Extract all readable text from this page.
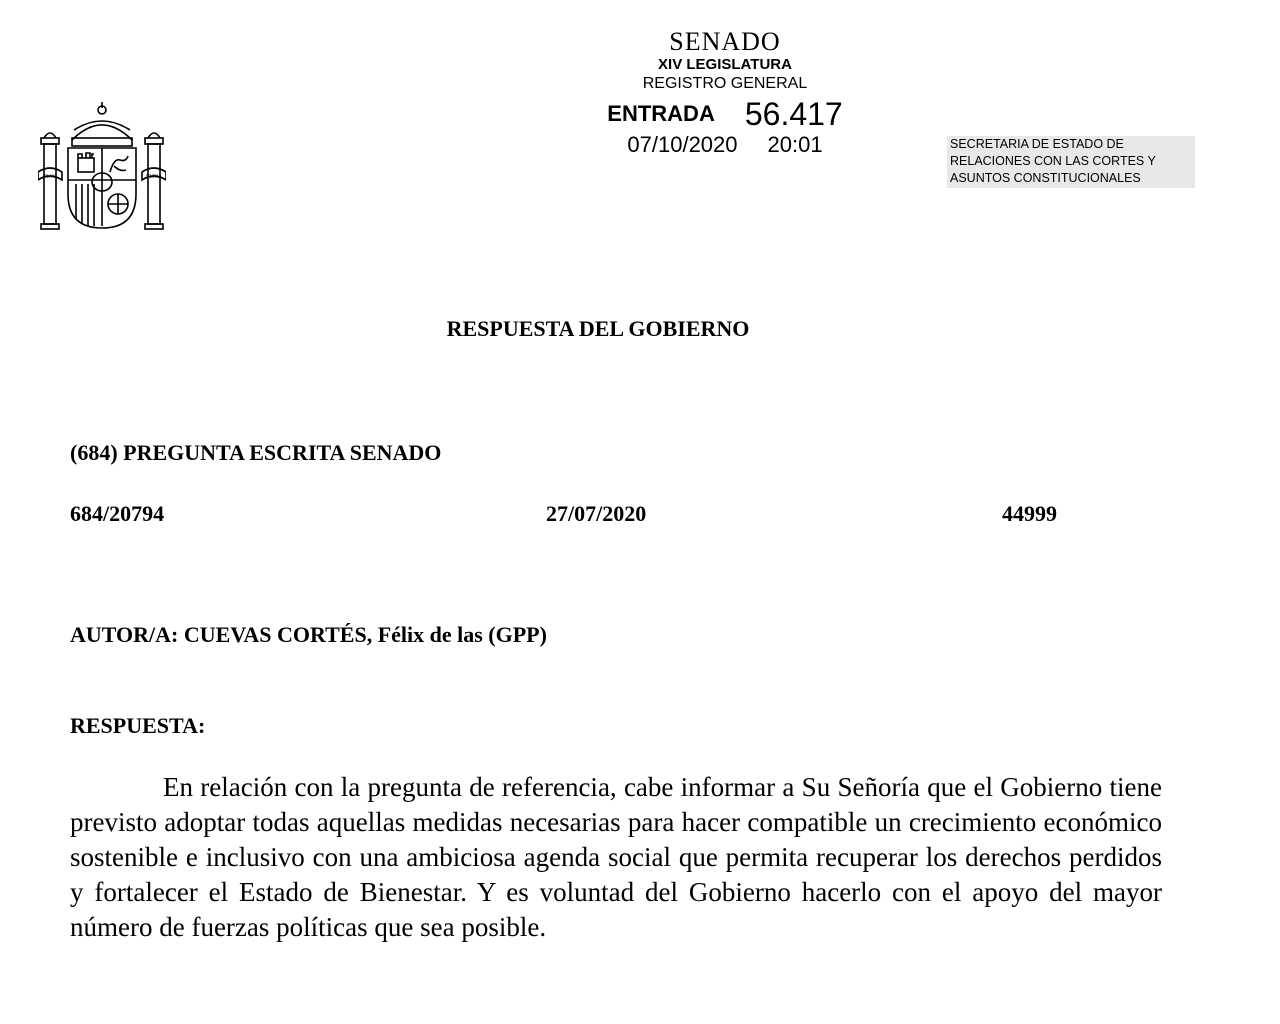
PLVS	VLTRA
SENADO
XIV LEGISLATURA
REGISTRO GENERAL
ENTRADA 56.417
07/10/2020 20:01	SECRETARIA DE ESTADO DE
RELACIONES CON LAS CORTES Y
ASUNTOS CONSTITUCIONALES
RESPUESTA DEL GOBIERNO
(684) PREGUNTA ESCRITA SENADO
684/20794	27/07/2020	44999
AUTOR/A: CUEVAS CORTÉS, Félix de las (GPP)
RESPUESTA:

En relación con la pregunta de referencia, cabe informar a Su Señoría que el Gobierno tiene previsto adoptar todas aquellas medidas necesarias para hacer compatible un crecimiento económico sostenible e inclusivo con una ambiciosa agenda social que permita recuperar los derechos perdidos y fortalecer el Estado de Bienestar. Y es voluntad del Gobierno hacerlo con el apoyo del mayor número de fuerzas políticas que sea posible.
